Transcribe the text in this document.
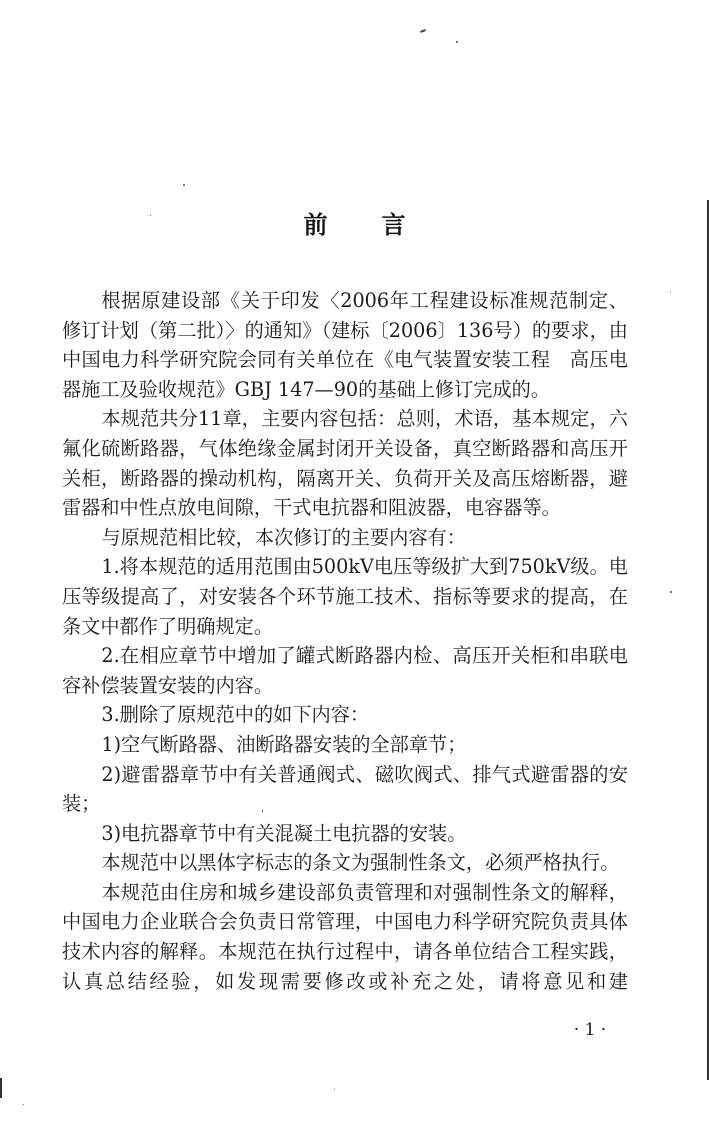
前 言

根据原建设部《关于印发〈2006年工程建设标准规范制定、修订计划（第二批）〉的通知》（建标〔2006〕136号）的要求，由中国电力科学研究院会同有关单位在《电气装置安装工程　高压电器施工及验收规范》GBJ 147—90的基础上修订完成的。

本规范共分11章，主要内容包括：总则，术语，基本规定，六氟化硫断路器，气体绝缘金属封闭开关设备，真空断路器和高压开关柜，断路器的操动机构，隔离开关、负荷开关及高压熔断器，避雷器和中性点放电间隙，干式电抗器和阻波器，电容器等。

与原规范相比较，本次修订的主要内容有：

1.将本规范的适用范围由500kV电压等级扩大到750kV级。电压等级提高了，对安装各个环节施工技术、指标等要求的提高，在条文中都作了明确规定。

2.在相应章节中增加了罐式断路器内检、高压开关柜和串联电容补偿装置安装的内容。

3.删除了原规范中的如下内容：

1)空气断路器、油断路器安装的全部章节；

2)避雷器章节中有关普通阀式、磁吹阀式、排气式避雷器的安装；

3)电抗器章节中有关混凝土电抗器的安装。

本规范中以黑体字标志的条文为强制性条文，必须严格执行。

本规范由住房和城乡建设部负责管理和对强制性条文的解释，中国电力企业联合会负责日常管理，中国电力科学研究院负责具体技术内容的解释。本规范在执行过程中，请各单位结合工程实践，认真总结经验，如发现需要修改或补充之处，请将意见和建

· 1 ·
